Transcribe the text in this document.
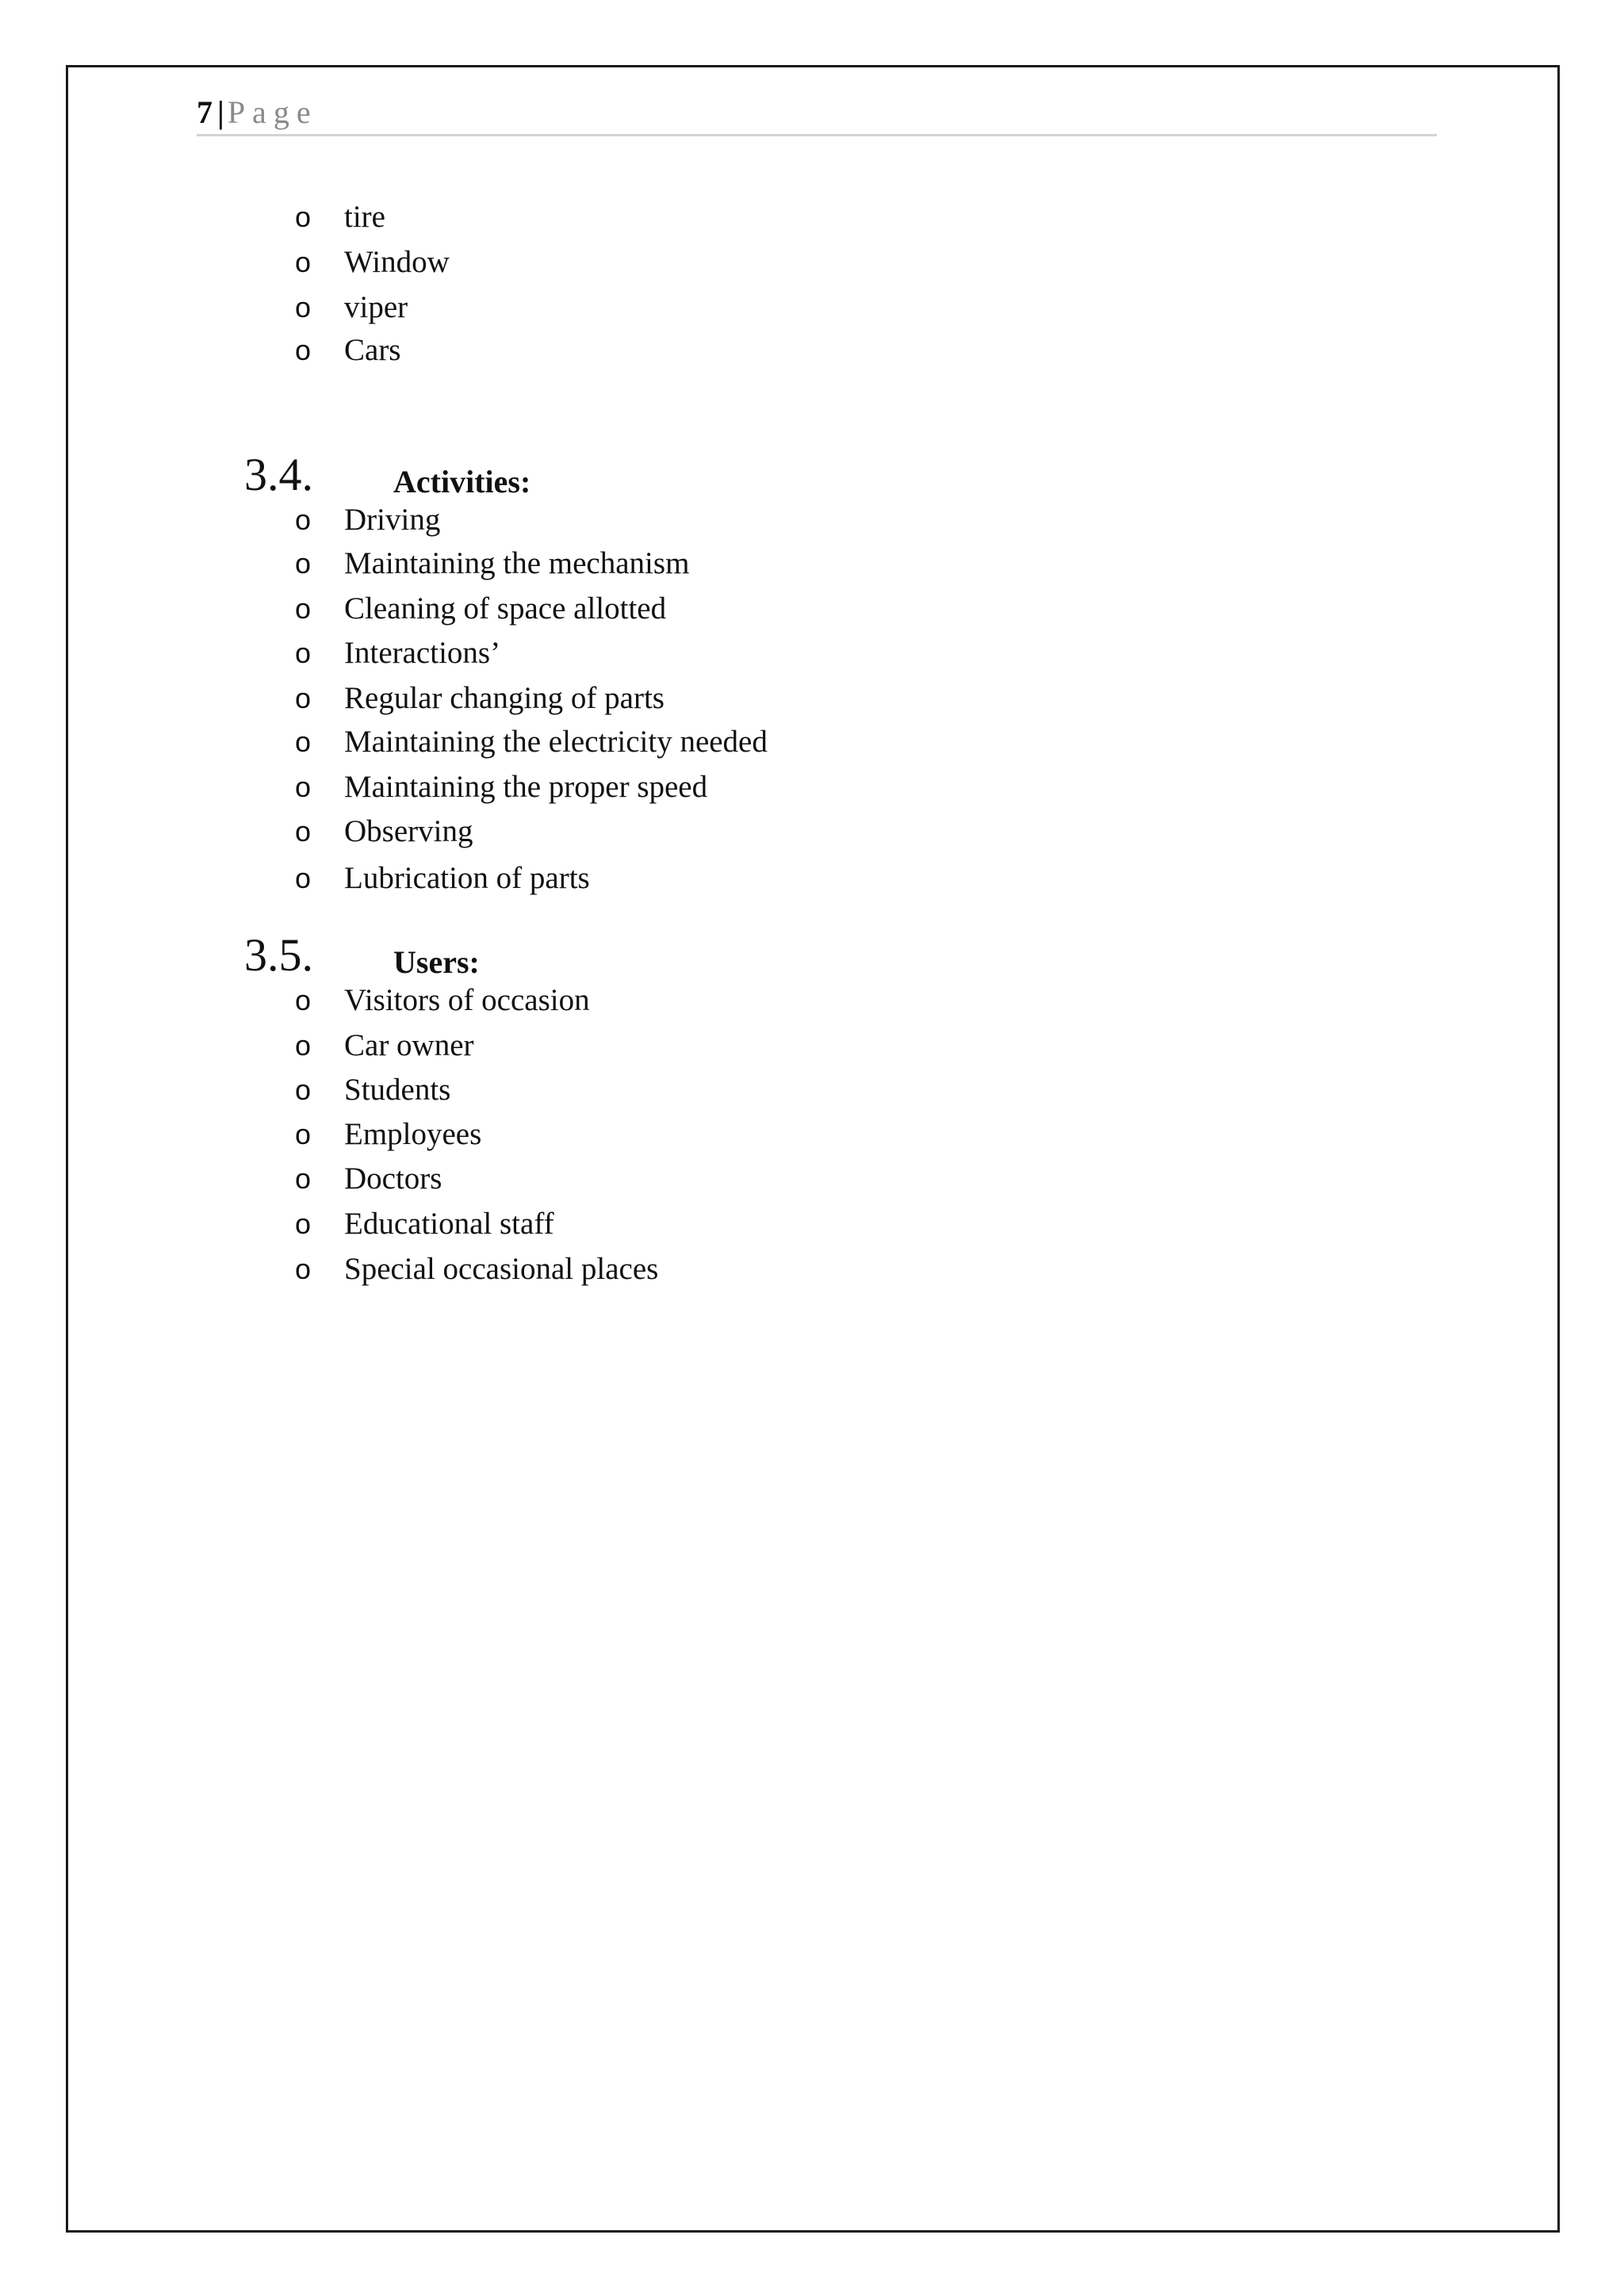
7 | Page
o	tire
o	Window
o	viper
o	Cars
3.4.	Activities:
o	Driving
o	Maintaining the mechanism
o	Cleaning of space allotted
o	Interactions’
o	Regular changing of parts
o	Maintaining the electricity needed
o	Maintaining the proper speed
o	Observing
o	Lubrication of parts
3.5.	Users:
o	Visitors of occasion
o	Car owner
o	Students
o	Employees
o	Doctors
o	Educational staff
o	Special occasional places
